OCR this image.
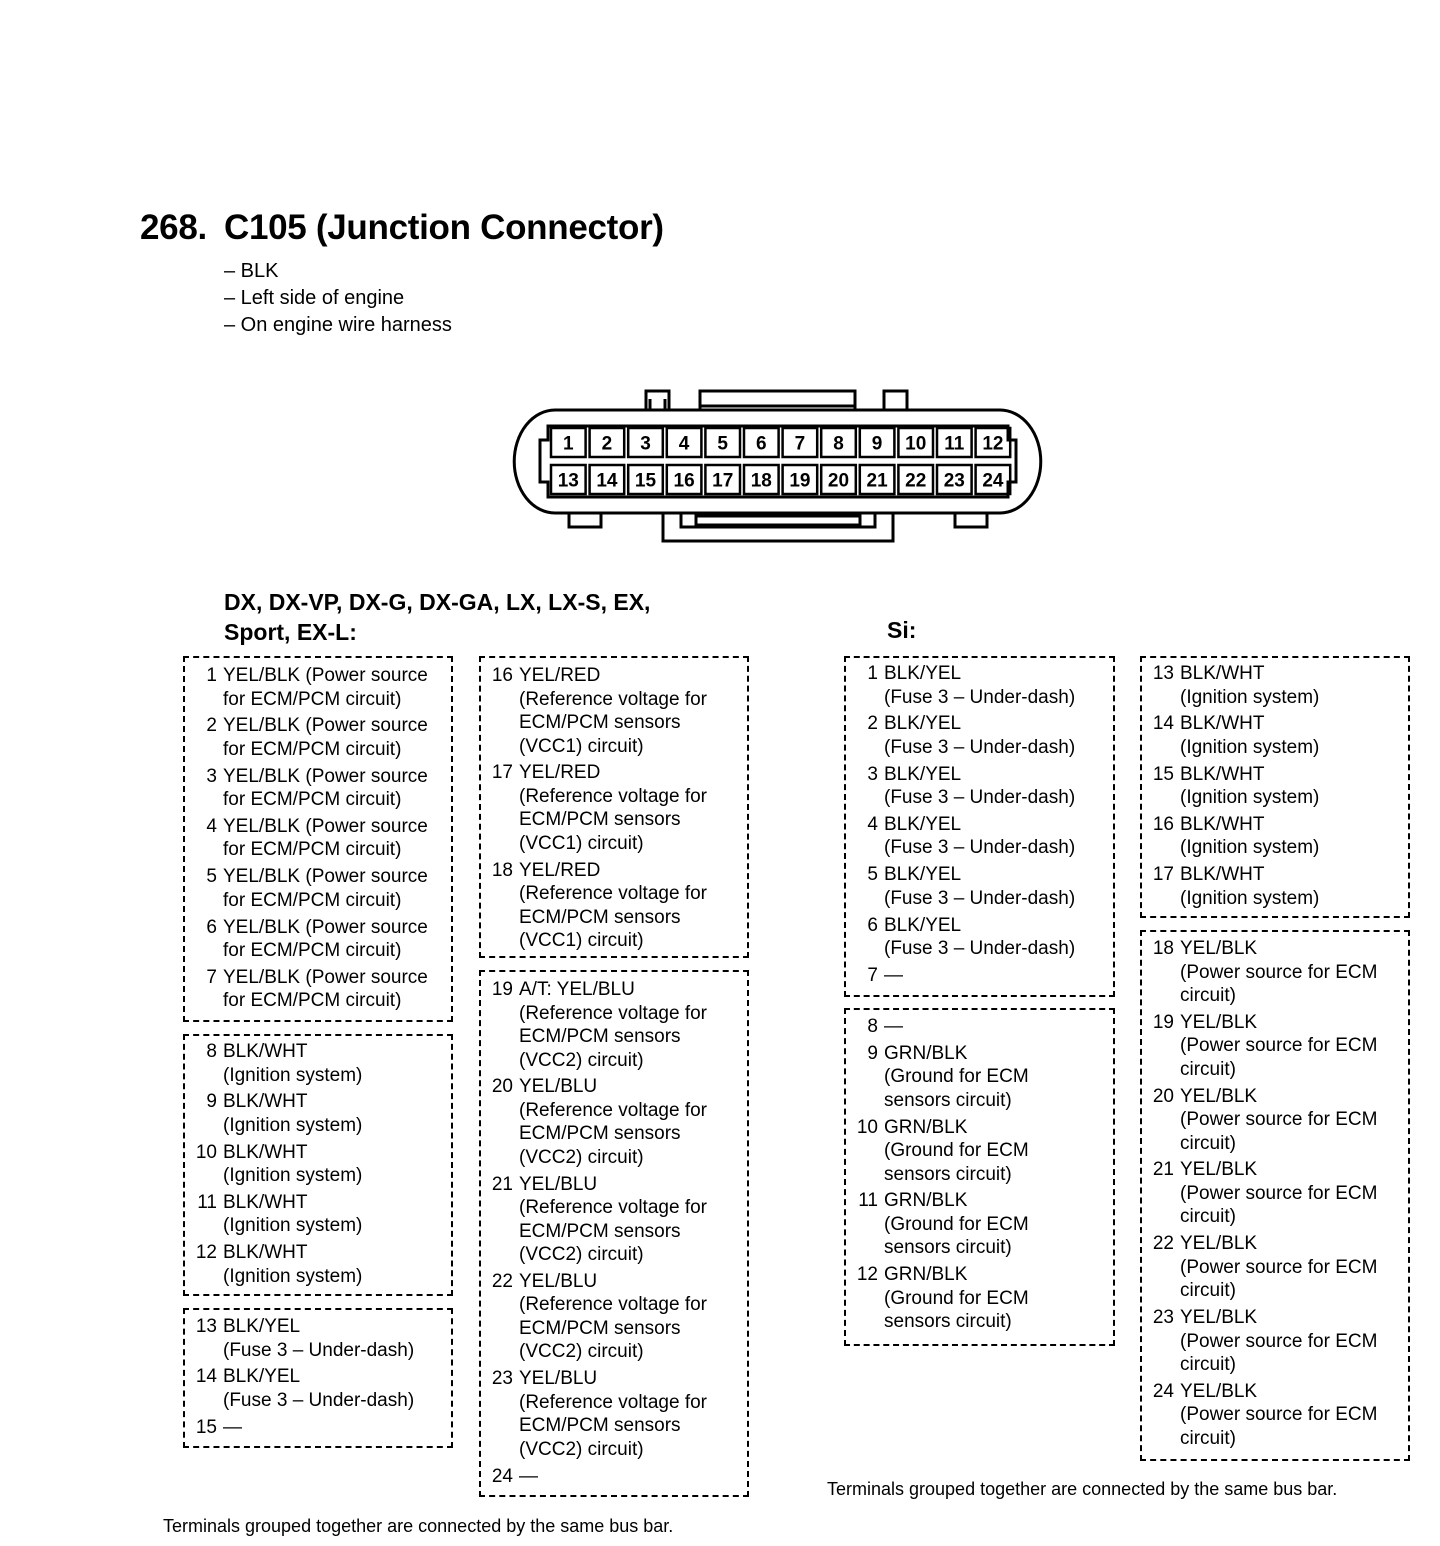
268. C105 (Junction Connector)
– BLK
– Left side of engine
– On engine wire harness
1 2 3 4 5 6 7 8 9 10 11 12
13 14 15 16 17 18 19 20 21 22 23 24
DX, DX-VP, DX-G, DX-GA, LX, LX-S, EX,
Sport, EX-L:
1 YEL/BLK (Power source
for ECM/PCM circuit)
2 YEL/BLK (Power source
for ECM/PCM circuit)
3 YEL/BLK (Power source
for ECM/PCM circuit)
4 YEL/BLK (Power source
for ECM/PCM circuit)
5 YEL/BLK (Power source
for ECM/PCM circuit)
6 YEL/BLK (Power source
for ECM/PCM circuit)
7 YEL/BLK (Power source
for ECM/PCM circuit)
8 BLK/WHT
(Ignition system)
9 BLK/WHT
(Ignition system)
10 BLK/WHT
(Ignition system)
11 BLK/WHT
(Ignition system)
12 BLK/WHT
(Ignition system)
13 BLK/YEL
(Fuse 3 – Under-dash)
14 BLK/YEL
(Fuse 3 – Under-dash)
15 —
16 YEL/RED
(Reference voltage for
ECM/PCM sensors
(VCC1) circuit)
17 YEL/RED
(Reference voltage for
ECM/PCM sensors
(VCC1) circuit)
18 YEL/RED
(Reference voltage for
ECM/PCM sensors
(VCC1) circuit)
19 A/T: YEL/BLU
(Reference voltage for
ECM/PCM sensors
(VCC2) circuit)
20 YEL/BLU
(Reference voltage for
ECM/PCM sensors
(VCC2) circuit)
21 YEL/BLU
(Reference voltage for
ECM/PCM sensors
(VCC2) circuit)
22 YEL/BLU
(Reference voltage for
ECM/PCM sensors
(VCC2) circuit)
23 YEL/BLU
(Reference voltage for
ECM/PCM sensors
(VCC2) circuit)
24 —
Terminals grouped together are connected by the same bus bar.
Si:
1 BLK/YEL
(Fuse 3 – Under-dash)
2 BLK/YEL
(Fuse 3 – Under-dash)
3 BLK/YEL
(Fuse 3 – Under-dash)
4 BLK/YEL
(Fuse 3 – Under-dash)
5 BLK/YEL
(Fuse 3 – Under-dash)
6 BLK/YEL
(Fuse 3 – Under-dash)
7 —
8 —
9 GRN/BLK
(Ground for ECM
sensors circuit)
10 GRN/BLK
(Ground for ECM
sensors circuit)
11 GRN/BLK
(Ground for ECM
sensors circuit)
12 GRN/BLK
(Ground for ECM
sensors circuit)
13 BLK/WHT
(Ignition system)
14 BLK/WHT
(Ignition system)
15 BLK/WHT
(Ignition system)
16 BLK/WHT
(Ignition system)
17 BLK/WHT
(Ignition system)
18 YEL/BLK
(Power source for ECM
circuit)
19 YEL/BLK
(Power source for ECM
circuit)
20 YEL/BLK
(Power source for ECM
circuit)
21 YEL/BLK
(Power source for ECM
circuit)
22 YEL/BLK
(Power source for ECM
circuit)
23 YEL/BLK
(Power source for ECM
circuit)
24 YEL/BLK
(Power source for ECM
circuit)
Terminals grouped together are connected by the same bus bar.
